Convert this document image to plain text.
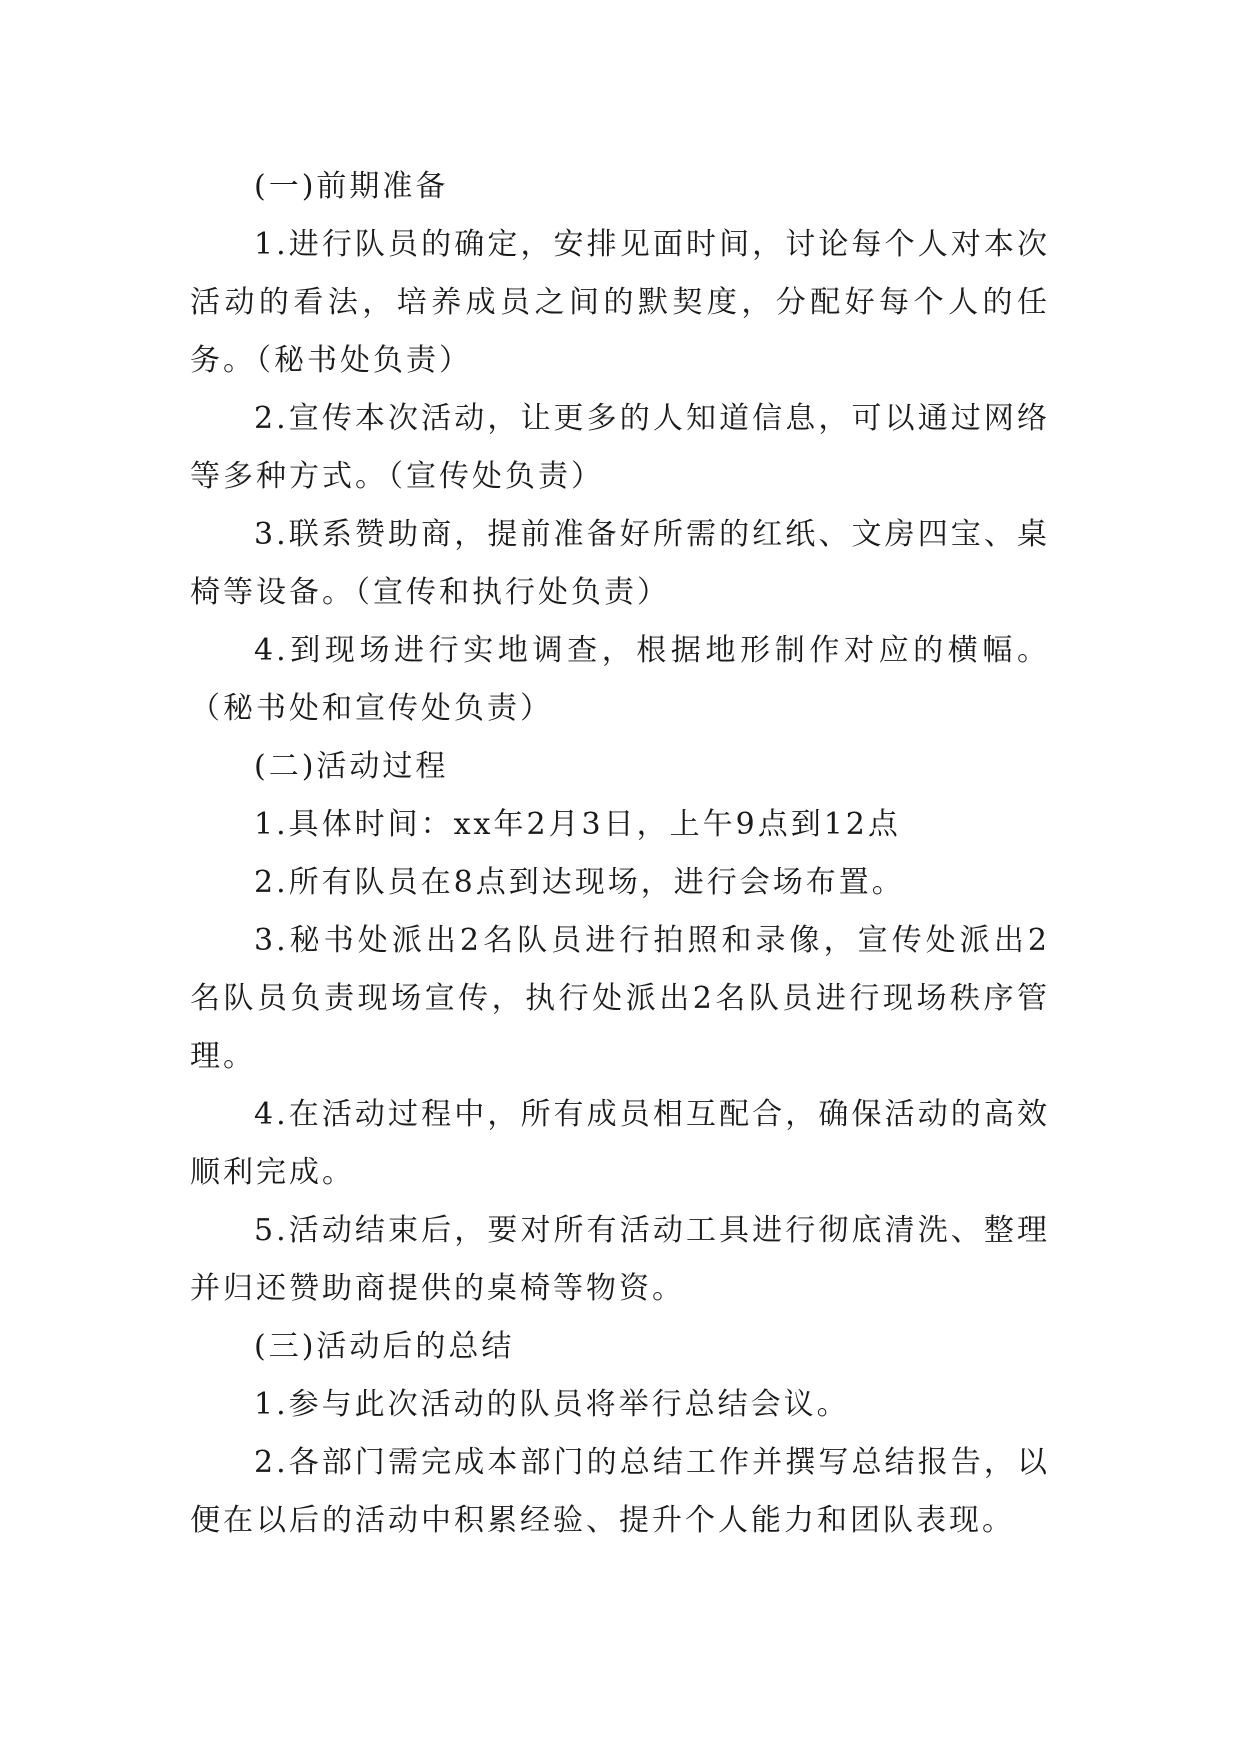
(一)前期准备

1.进行队员的确定，安排见面时间，讨论每个人对本次活动的看法，培养成员之间的默契度，分配好每个人的任务。（秘书处负责）

2.宣传本次活动，让更多的人知道信息，可以通过网络等多种方式。（宣传处负责）

3.联系赞助商，提前准备好所需的红纸、文房四宝、桌椅等设备。（宣传和执行处负责）

4.到现场进行实地调查，根据地形制作对应的横幅。（秘书处和宣传处负责）

(二)活动过程

1.具体时间：xx年2月3日，上午9点到12点

2.所有队员在8点到达现场，进行会场布置。

3.秘书处派出2名队员进行拍照和录像，宣传处派出2名队员负责现场宣传，执行处派出2名队员进行现场秩序管理。

4.在活动过程中，所有成员相互配合，确保活动的高效顺利完成。

5.活动结束后，要对所有活动工具进行彻底清洗、整理并归还赞助商提供的桌椅等物资。

(三)活动后的总结

1.参与此次活动的队员将举行总结会议。

2.各部门需完成本部门的总结工作并撰写总结报告，以便在以后的活动中积累经验、提升个人能力和团队表现。
